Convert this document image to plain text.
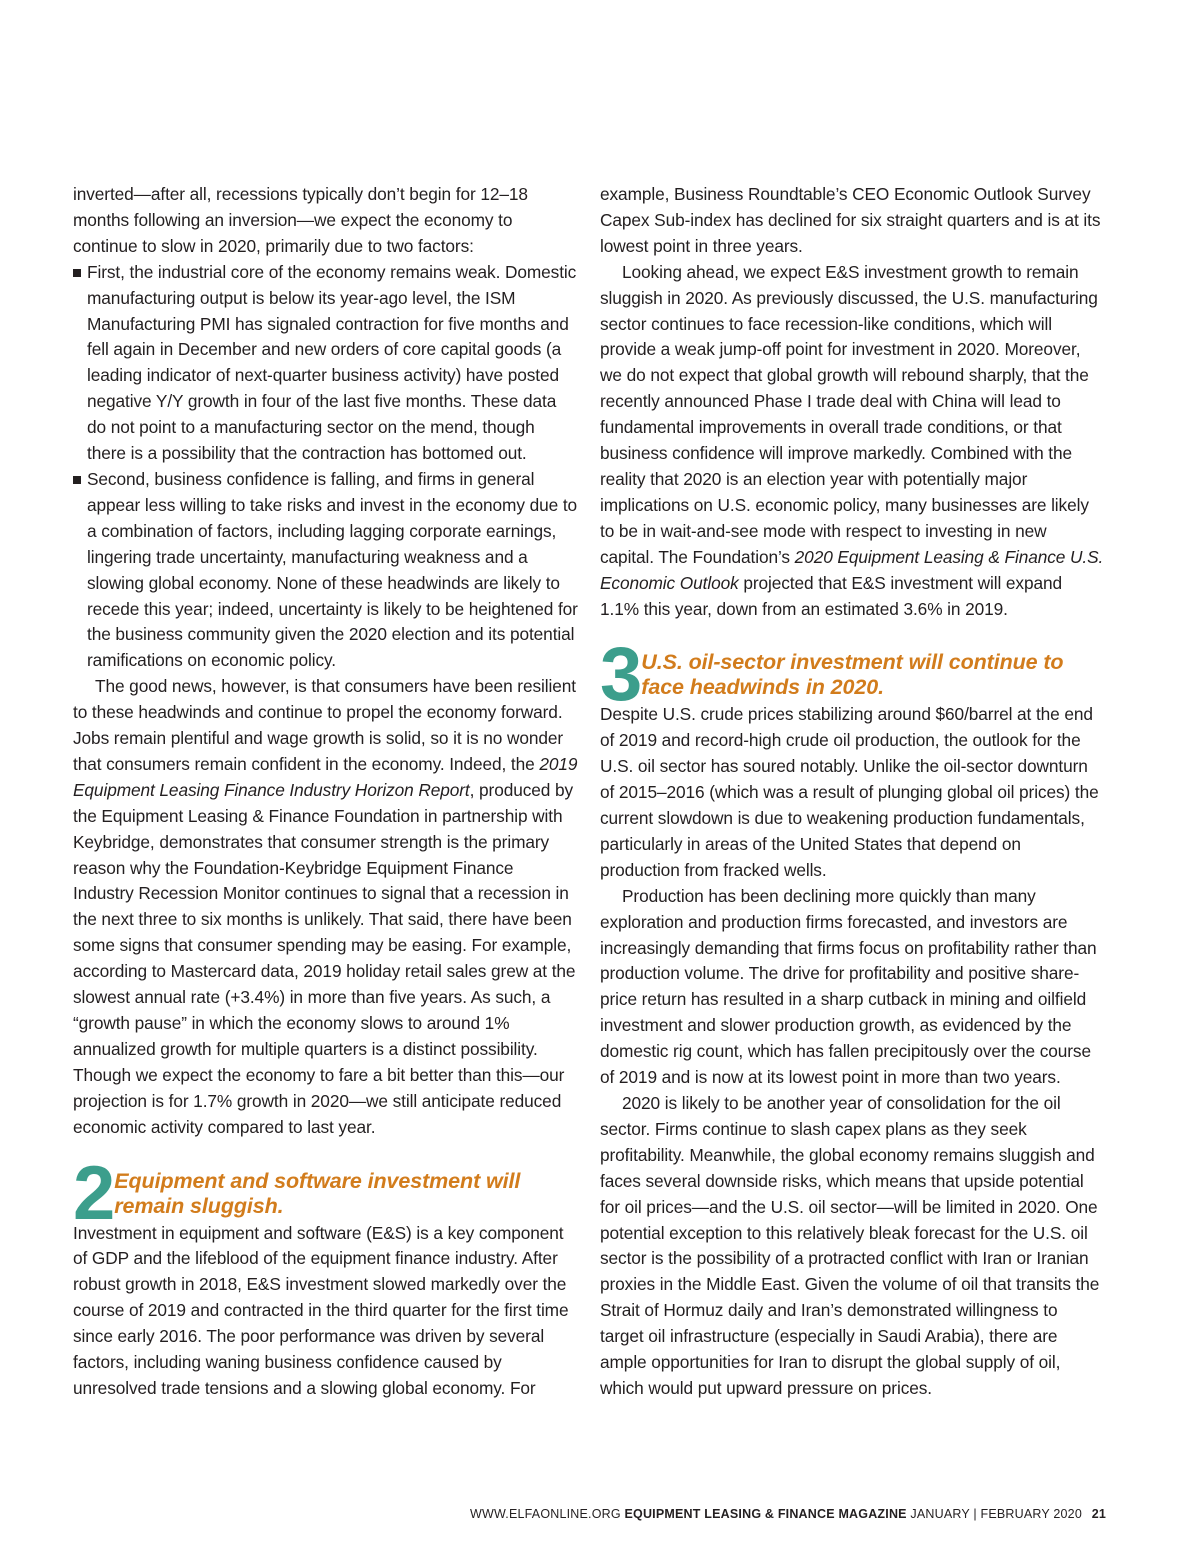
inverted—after all, recessions typically don’t begin for 12–18 months following an inversion—we expect the economy to continue to slow in 2020, primarily due to two factors:

First, the industrial core of the economy remains weak. Domestic manufacturing output is below its year-ago level, the ISM Manufacturing PMI has signaled contraction for five months and fell again in December and new orders of core capital goods (a leading indicator of next-quarter business activity) have posted negative Y/Y growth in four of the last five months. These data do not point to a manufacturing sector on the mend, though there is a possibility that the contraction has bottomed out.
Second, business confidence is falling, and firms in general appear less willing to take risks and invest in the economy due to a combination of factors, including lagging corporate earnings, lingering trade uncertainty, manufacturing weakness and a slowing global economy. None of these headwinds are likely to recede this year; indeed, uncertainty is likely to be heightened for the business community given the 2020 election and its potential ramifications on economic policy.

The good news, however, is that consumers have been resilient to these headwinds and continue to propel the economy forward. Jobs remain plentiful and wage growth is solid, so it is no wonder that consumers remain confident in the economy. Indeed, the 2019 Equipment Leasing Finance Industry Horizon Report, produced by the Equipment Leasing & Finance Foundation in partnership with Keybridge, demonstrates that consumer strength is the primary reason why the Foundation-Keybridge Equipment Finance Industry Recession Monitor continues to signal that a recession in the next three to six months is unlikely. That said, there have been some signs that consumer spending may be easing. For example, according to Mastercard data, 2019 holiday retail sales grew at the slowest annual rate (+3.4%) in more than five years. As such, a “growth pause” in which the economy slows to around 1% annualized growth for multiple quarters is a distinct possibility. Though we expect the economy to fare a bit better than this—our projection is for 1.7% growth in 2020—we still anticipate reduced economic activity compared to last year.

2 Equipment and software investment will remain sluggish.

Investment in equipment and software (E&S) is a key component of GDP and the lifeblood of the equipment finance industry. After robust growth in 2018, E&S investment slowed markedly over the course of 2019 and contracted in the third quarter for the first time since early 2016. The poor performance was driven by several factors, including waning business confidence caused by unresolved trade tensions and a slowing global economy. For

example, Business Roundtable’s CEO Economic Outlook Survey Capex Sub-index has declined for six straight quarters and is at its lowest point in three years.

Looking ahead, we expect E&S investment growth to remain sluggish in 2020. As previously discussed, the U.S. manufacturing sector continues to face recession-like conditions, which will provide a weak jump-off point for investment in 2020. Moreover, we do not expect that global growth will rebound sharply, that the recently announced Phase I trade deal with China will lead to fundamental improvements in overall trade conditions, or that business confidence will improve markedly. Combined with the reality that 2020 is an election year with potentially major implications on U.S. economic policy, many businesses are likely to be in wait-and-see mode with respect to investing in new capital. The Foundation’s 2020 Equipment Leasing & Finance U.S. Economic Outlook projected that E&S investment will expand 1.1% this year, down from an estimated 3.6% in 2019.

3 U.S. oil-sector investment will continue to face headwinds in 2020.

Despite U.S. crude prices stabilizing around $60/barrel at the end of 2019 and record-high crude oil production, the outlook for the U.S. oil sector has soured notably. Unlike the oil-sector downturn of 2015–2016 (which was a result of plunging global oil prices) the current slowdown is due to weakening production fundamentals, particularly in areas of the United States that depend on production from fracked wells.

Production has been declining more quickly than many exploration and production firms forecasted, and investors are increasingly demanding that firms focus on profitability rather than production volume. The drive for profitability and positive share-price return has resulted in a sharp cutback in mining and oilfield investment and slower production growth, as evidenced by the domestic rig count, which has fallen precipitously over the course of 2019 and is now at its lowest point in more than two years.

2020 is likely to be another year of consolidation for the oil sector. Firms continue to slash capex plans as they seek profitability. Meanwhile, the global economy remains sluggish and faces several downside risks, which means that upside potential for oil prices—and the U.S. oil sector—will be limited in 2020. One potential exception to this relatively bleak forecast for the U.S. oil sector is the possibility of a protracted conflict with Iran or Iranian proxies in the Middle East. Given the volume of oil that transits the Strait of Hormuz daily and Iran’s demonstrated willingness to target oil infrastructure (especially in Saudi Arabia), there are ample opportunities for Iran to disrupt the global supply of oil, which would put upward pressure on prices.

WWW.ELFAONLINE.ORG EQUIPMENT LEASING & FINANCE MAGAZINE JANUARY | FEBRUARY 2020 21
